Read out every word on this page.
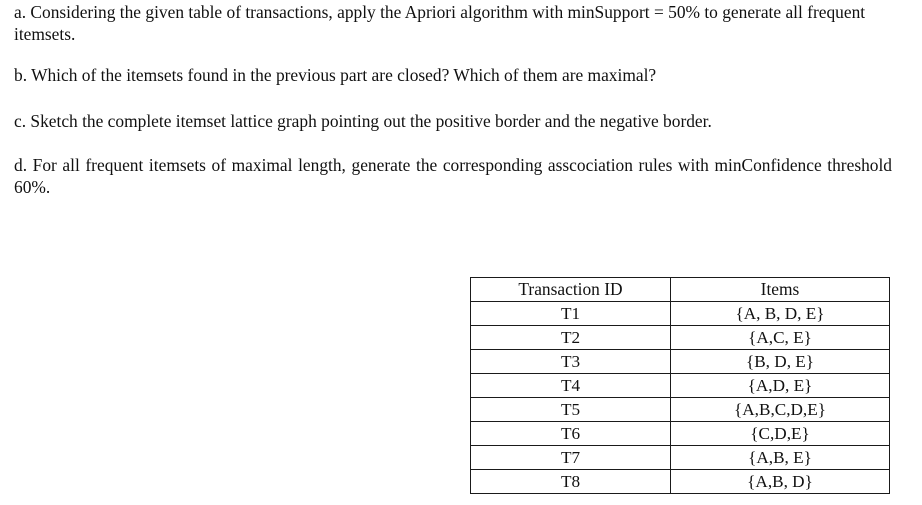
a. Considering the given table of transactions, apply the Apriori algorithm with minSupport = 50% to generate all frequent itemsets.

b. Which of the itemsets found in the previous part are closed? Which of them are maximal?

c. Sketch the complete itemset lattice graph pointing out the positive border and the negative border.

d. For all frequent itemsets of maximal length, generate the corresponding asscociation rules with minConfidence threshold 60%.

Transaction ID	Items
T1	{A, B, D, E}
T2	{A,C, E}
T3	{B, D, E}
T4	{A,D, E}
T5	{A,B,C,D,E}
T6	{C,D,E}
T7	{A,B, E}
T8	{A,B, D}
